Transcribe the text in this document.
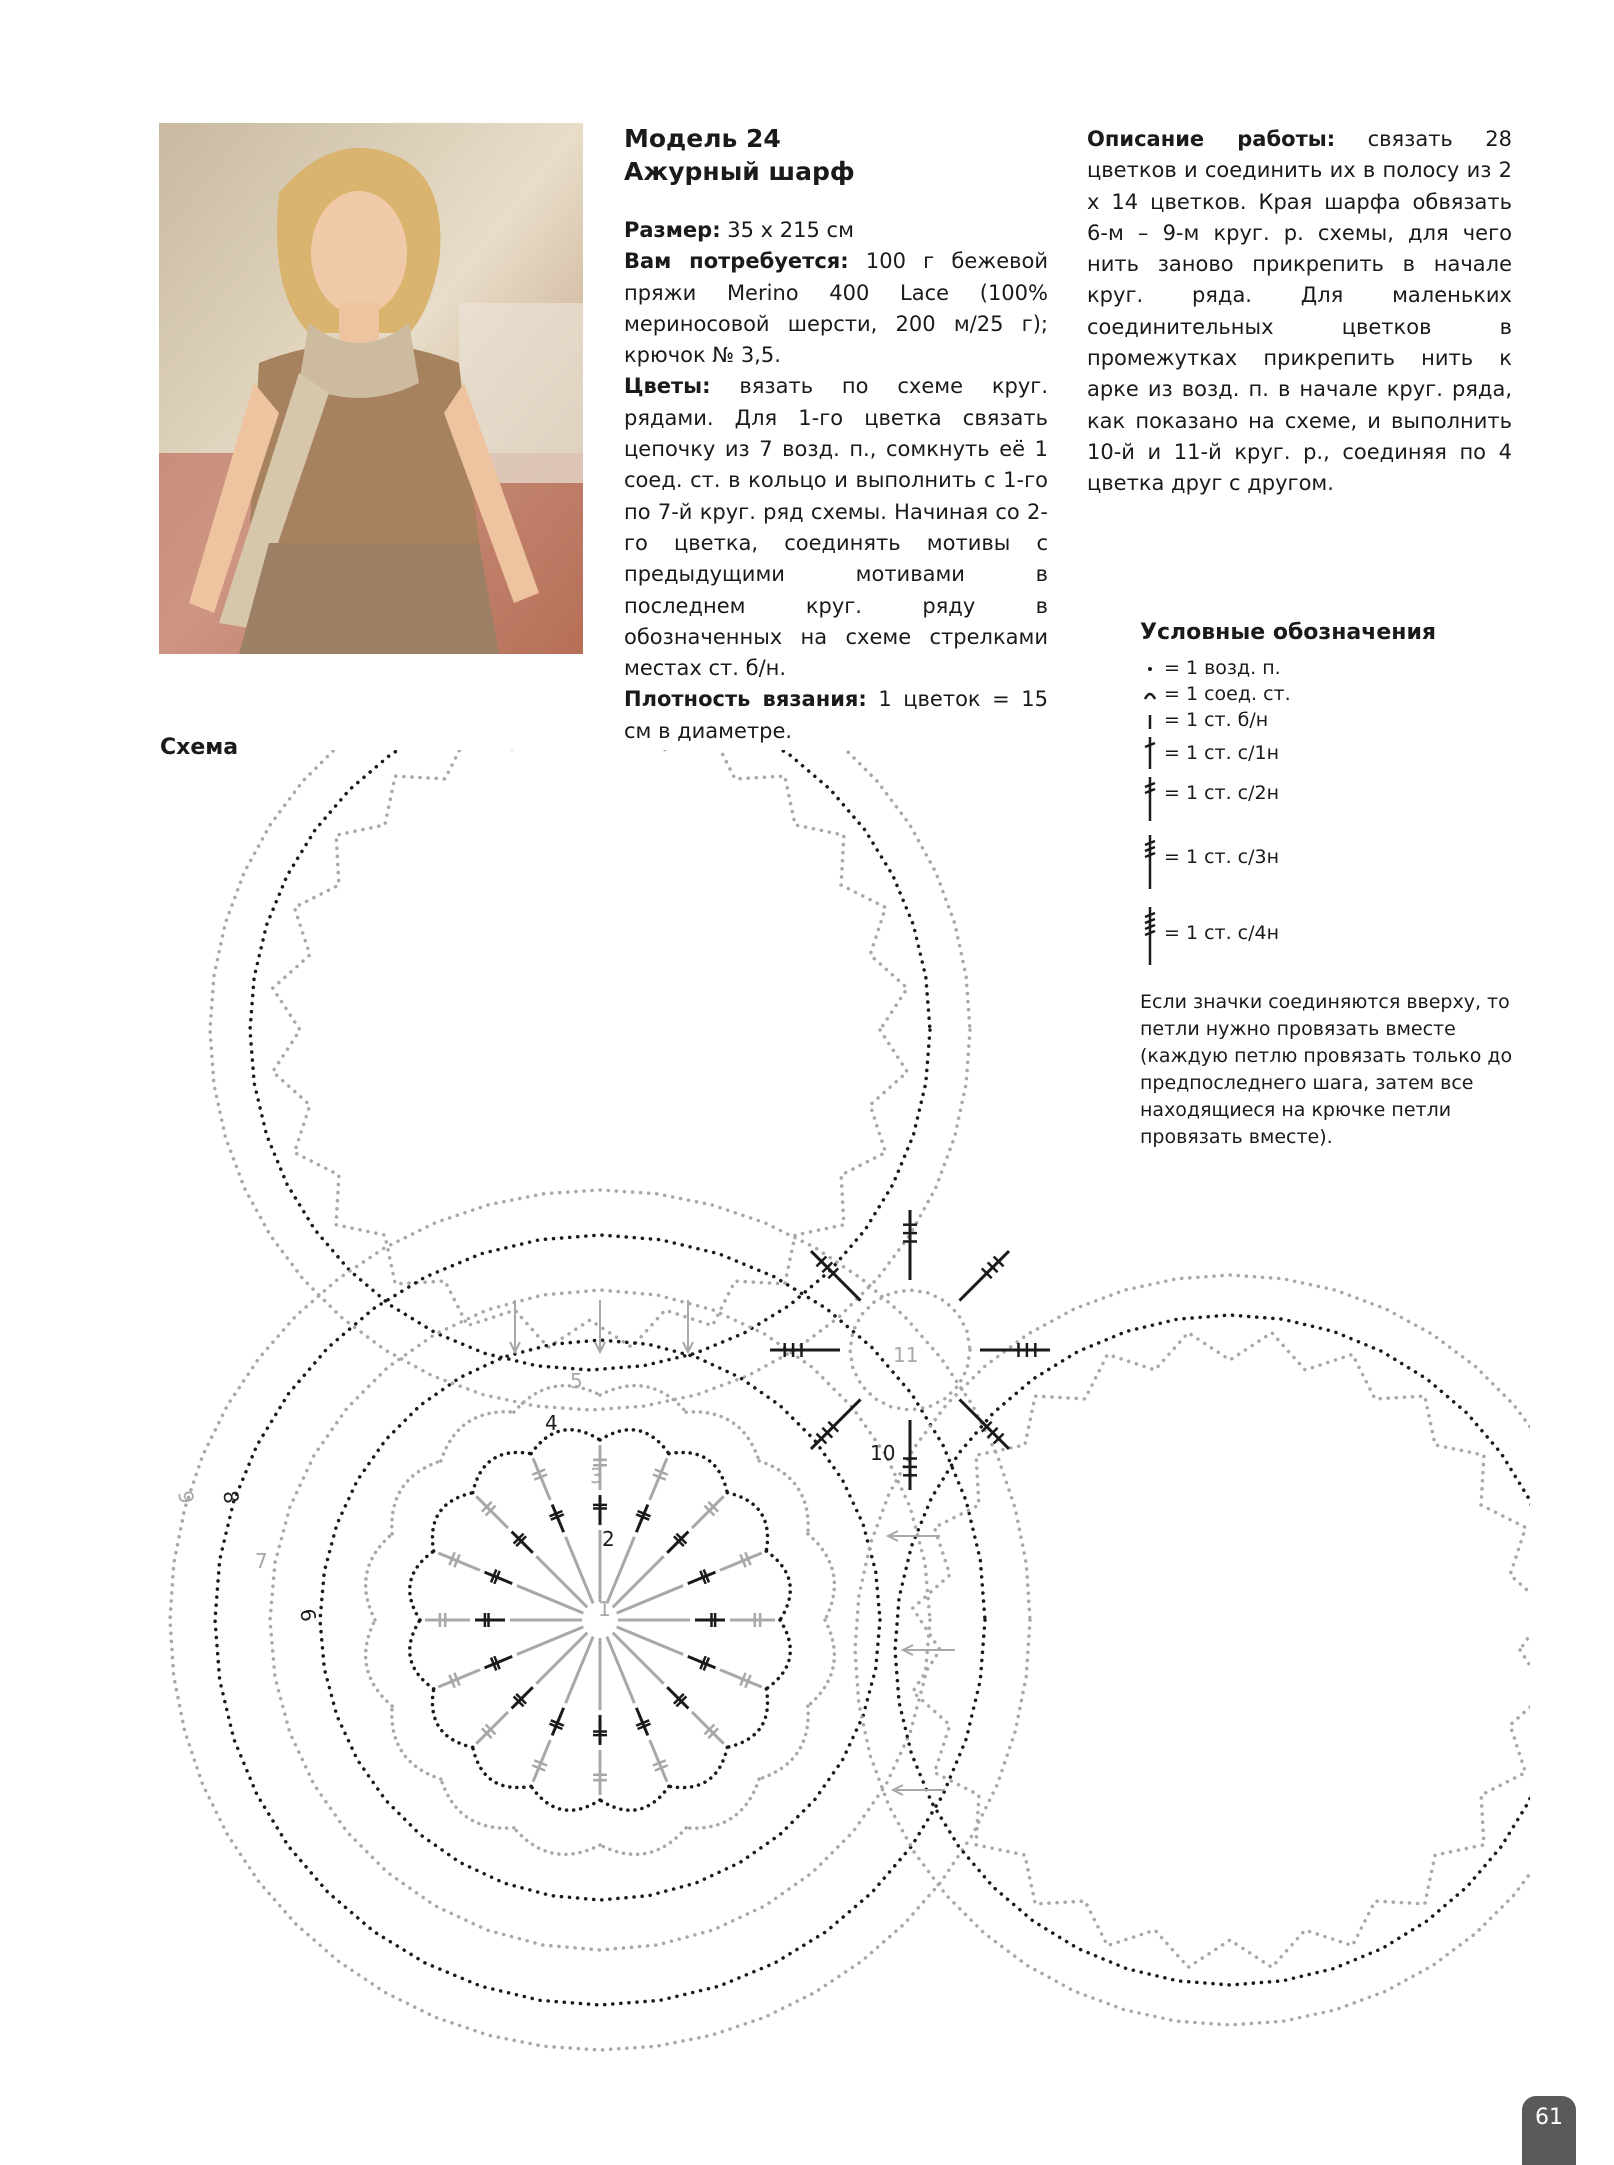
Модель 24
Ажурный шарф

Размер: 35 x 215 см

Вам потребуется: 100 г бежевой пряжи Merino 400 Lace (100% мериносовой шерсти, 200 м/25 г); крючок № 3,5.

Цветы: вязать по схеме круг. рядами. Для 1-го цветка связать цепочку из 7 возд. п., сомкнуть её 1 соед. ст. в кольцо и выполнить с 1-го по 7-й круг. ряд схемы. Начиная со 2-го цветка, соединять мотивы с предыдущими мотивами в последнем круг. ряду в обозначенных на схеме стрелками местах ст. б/н.

Плотность вязания: 1 цветок = 15 см в диаметре.

Описание работы: связать 28 цветков и соединить их в полосу из 2 x 14 цветков. Края шарфа обвязать 6-м – 9-м круг. р. схемы, для чего нить заново прикрепить в начале круг. ряда. Для маленьких соединительных цветков в промежутках прикрепить нить к арке из возд. п. в начале круг. ряда, как показано на схеме, и выполнить 10-й и 11-й круг. р., соединяя по 4 цветка друг с другом.

Условные обозначения
= 1 возд. п.
= 1 соед. ст.
= 1 ст. б/н
= 1 ст. с/1н
= 1 ст. с/2н
= 1 ст. с/3н
= 1 ст. с/4н
Если значки соединяются вверху, то петли нужно провязать вместе (каждую петлю провязать только до предпоследнего шага, затем все находящиеся на крючке петли провязать вместе).
Схема
1
2
3
4
5
6
7
8
9
10
11
61
